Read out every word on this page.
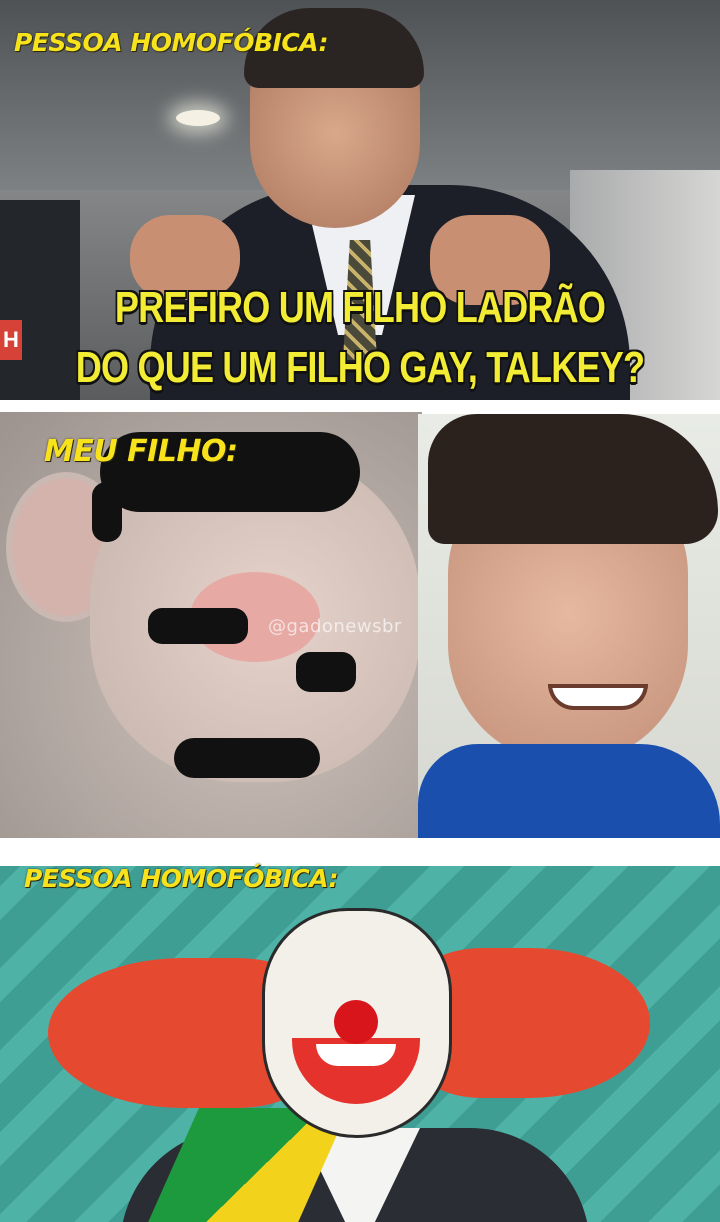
H
PESSOA HOMOFÓBICA:
PREFIRO UM FILHO LADRÃO
DO QUE UM FILHO GAY, TALKEY?
@gadonewsbr
MEU FILHO:
PESSOA HOMOFÓBICA:
